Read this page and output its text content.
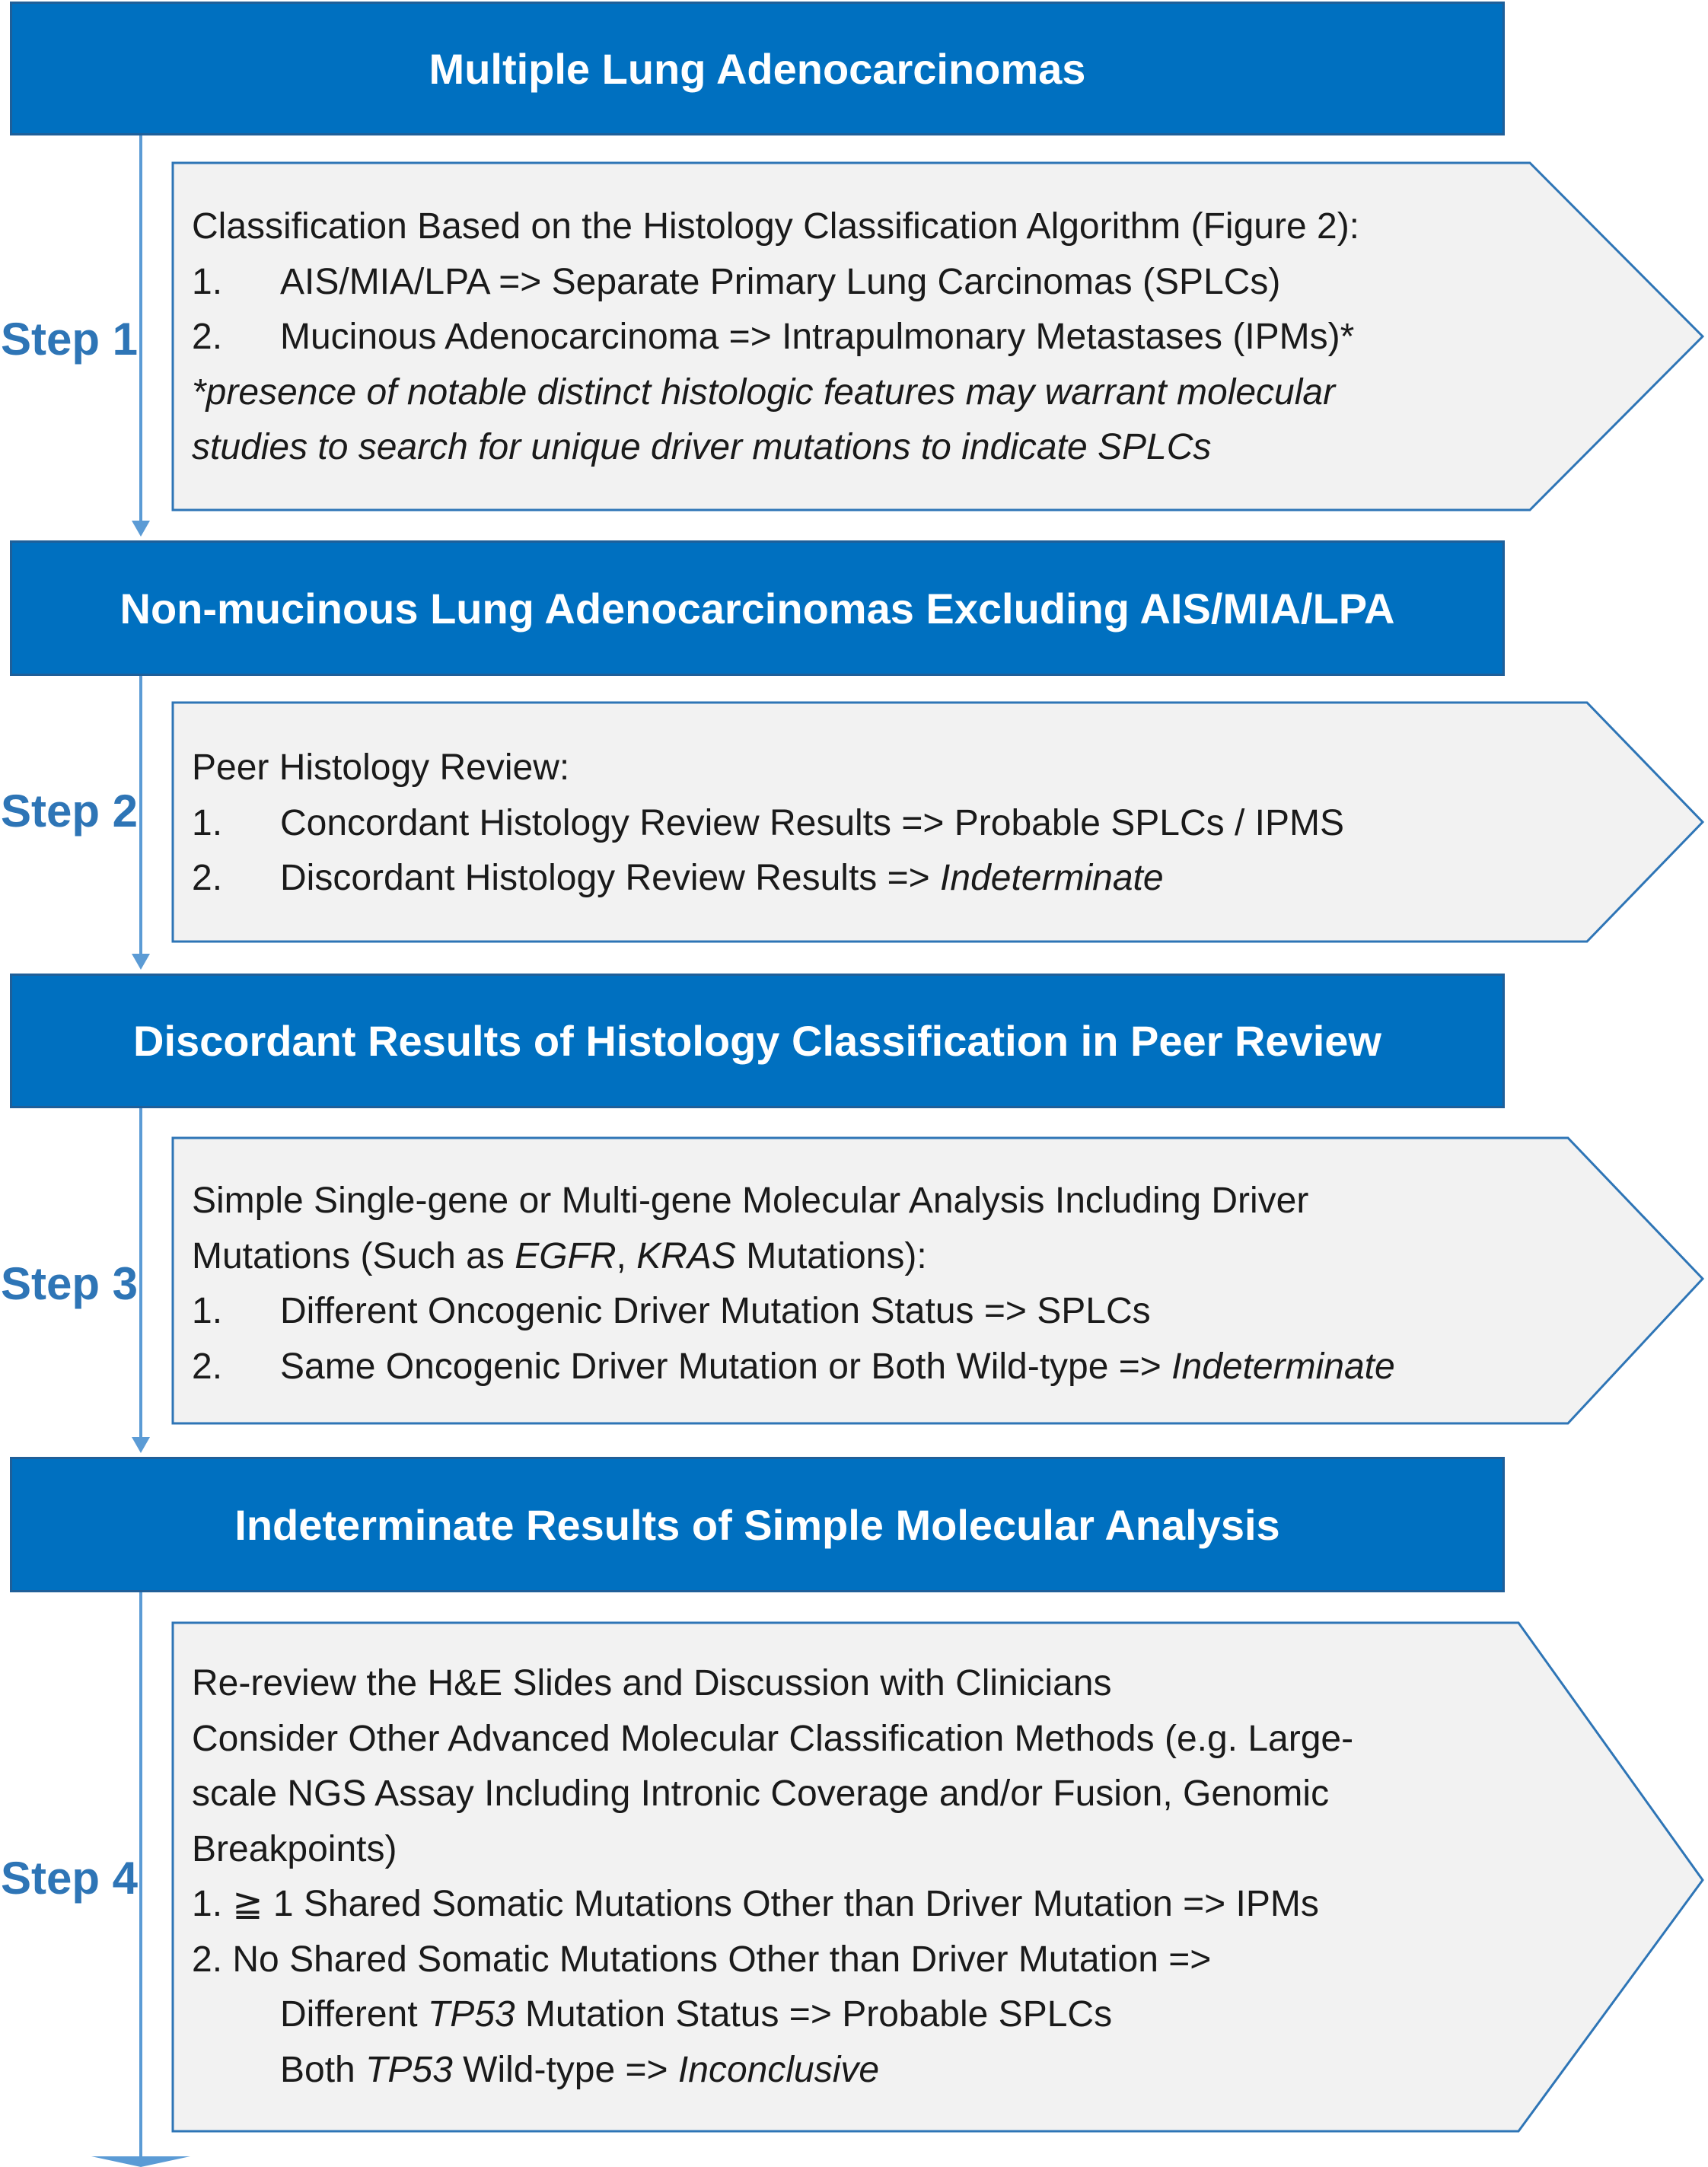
Multiple Lung Adenocarcinomas
Non-mucinous Lung Adenocarcinomas Excluding AIS/MIA/LPA
Discordant Results of Histology Classification in Peer Review
Indeterminate Results of Simple Molecular Analysis
Step 1
Step 2
Step 3
Step 4
Classification Based on the Histology Classification Algorithm (Figure 2):
1. AIS/MIA/LPA => Separate Primary Lung Carcinomas (SPLCs)
2. Mucinous Adenocarcinoma => Intrapulmonary Metastases (IPMs)*
*presence of notable distinct histologic features may warrant molecular
studies to search for unique driver mutations to indicate SPLCs
Peer Histology Review:
1. Concordant Histology Review Results => Probable SPLCs / IPMS
2. Discordant Histology Review Results => Indeterminate
Simple Single-gene or Multi-gene Molecular Analysis Including Driver
Mutations (Such as EGFR, KRAS Mutations):
1. Different Oncogenic Driver Mutation Status => SPLCs
2. Same Oncogenic Driver Mutation or Both Wild-type => Indeterminate
Re-review the H&E Slides and Discussion with Clinicians
Consider Other Advanced Molecular Classification Methods (e.g. Large-
scale NGS Assay Including Intronic Coverage and/or Fusion, Genomic
Breakpoints)
1. ≧ 1 Shared Somatic Mutations Other than Driver Mutation => IPMs
2. No Shared Somatic Mutations Other than Driver Mutation =>
Different TP53 Mutation Status => Probable SPLCs
Both TP53 Wild-type => Inconclusive
